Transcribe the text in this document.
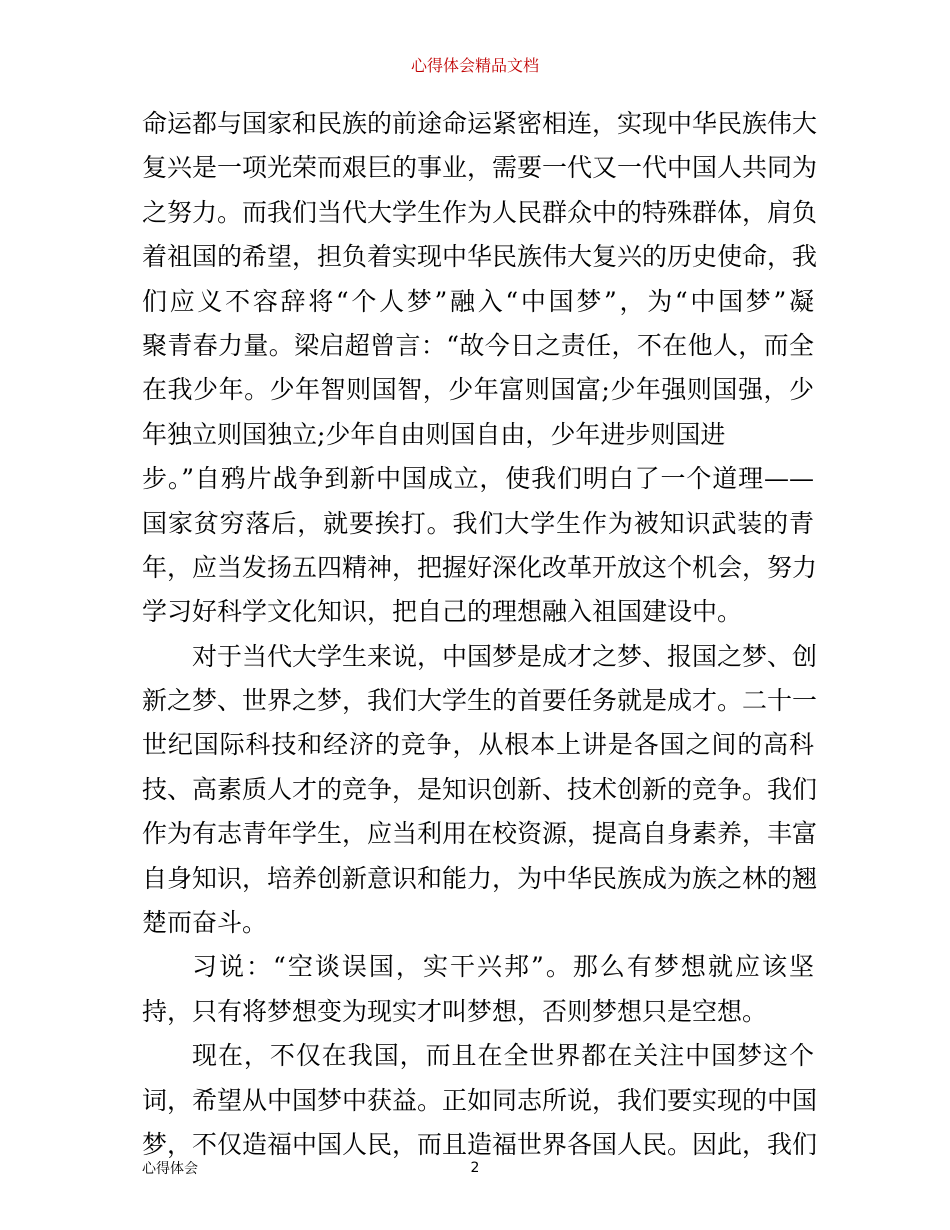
心得体会精品文档
命运都与国家和民族的前途命运紧密相连，实现中华民族伟大
复兴是一项光荣而艰巨的事业，需要一代又一代中国人共同为
之努力。而我们当代大学生作为人民群众中的特殊群体，肩负
着祖国的希望，担负着实现中华民族伟大复兴的历史使命，我
们应义不容辞将“个人梦”融入“中国梦”，为“中国梦”凝
聚青春力量。梁启超曾言：“故今日之责任，不在他人，而全
在我少年。少年智则国智，少年富则国富;少年强则国强，少
年独立则国独立;少年自由则国自由，少年进步则国进
步。”自鸦片战争到新中国成立，使我们明白了一个道理——
国家贫穷落后，就要挨打。我们大学生作为被知识武装的青
年，应当发扬五四精神，把握好深化改革开放这个机会，努力
学习好科学文化知识，把自己的理想融入祖国建设中。
对于当代大学生来说，中国梦是成才之梦、报国之梦、创
新之梦、世界之梦，我们大学生的首要任务就是成才。二十一
世纪国际科技和经济的竞争，从根本上讲是各国之间的高科
技、高素质人才的竞争，是知识创新、技术创新的竞争。我们
作为有志青年学生，应当利用在校资源，提高自身素养，丰富
自身知识，培养创新意识和能力，为中华民族成为族之林的翘
楚而奋斗。
习说：“空谈误国，实干兴邦”。那么有梦想就应该坚
持，只有将梦想变为现实才叫梦想，否则梦想只是空想。
现在，不仅在我国，而且在全世界都在关注中国梦这个
词，希望从中国梦中获益。正如同志所说，我们要实现的中国
梦，不仅造福中国人民，而且造福世界各国人民。因此，我们
心得体会	2
